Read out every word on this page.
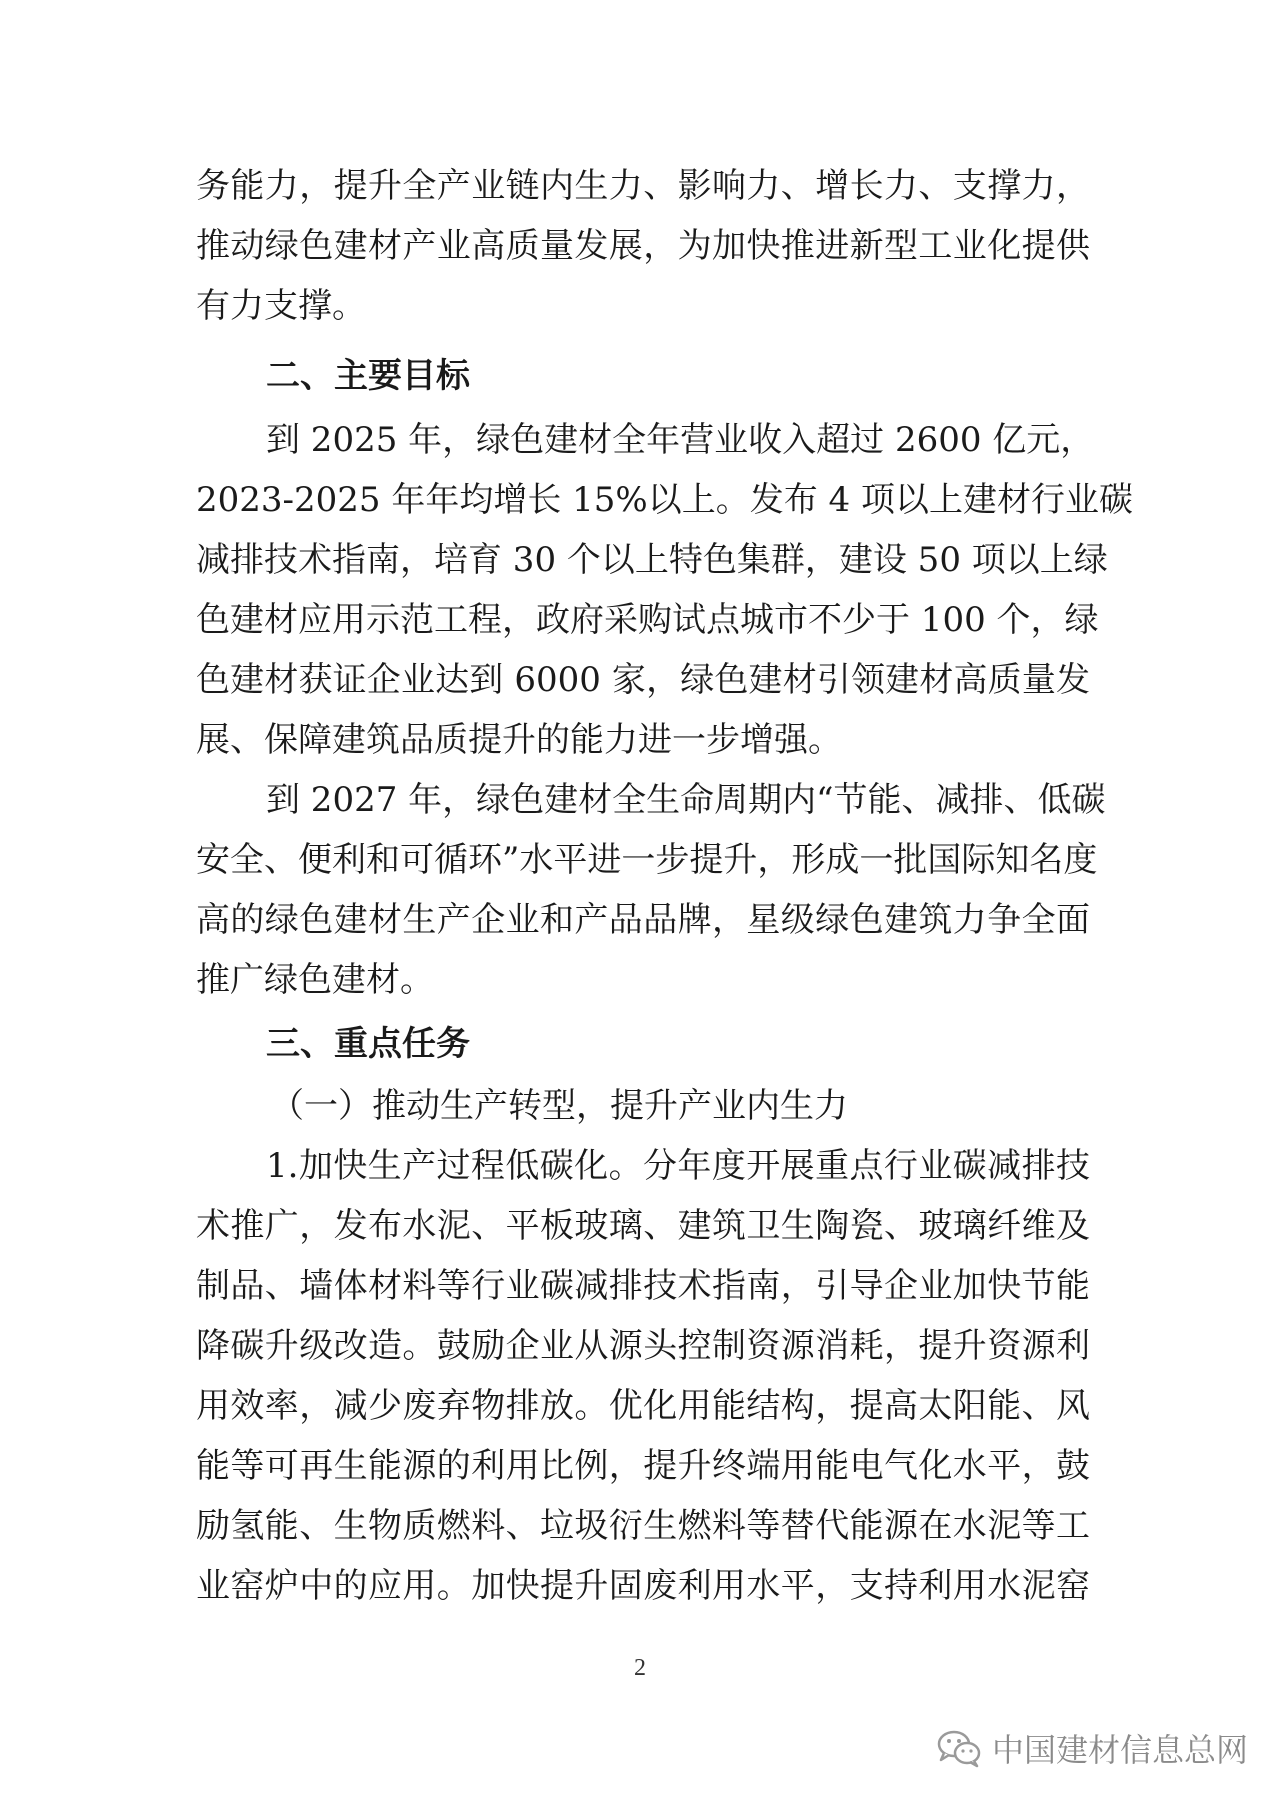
务能力，提升全产业链内生力、影响力、增长力、支撑力，
推动绿色建材产业高质量发展，为加快推进新型工业化提供
有力支撑。
二、主要目标
到 2025 年，绿色建材全年营业收入超过 2600 亿元，
2023-2025 年年均增长 15%以上。发布 4 项以上建材行业碳
减排技术指南，培育 30 个以上特色集群，建设 50 项以上绿
色建材应用示范工程，政府采购试点城市不少于 100 个，绿
色建材获证企业达到 6000 家，绿色建材引领建材高质量发
展、保障建筑品质提升的能力进一步增强。
到 2027 年，绿色建材全生命周期内“节能、减排、低碳
安全、便利和可循环”水平进一步提升，形成一批国际知名度
高的绿色建材生产企业和产品品牌，星级绿色建筑力争全面
推广绿色建材。
三、重点任务
（一）推动生产转型，提升产业内生力
1.加快生产过程低碳化。分年度开展重点行业碳减排技
术推广，发布水泥、平板玻璃、建筑卫生陶瓷、玻璃纤维及
制品、墙体材料等行业碳减排技术指南，引导企业加快节能
降碳升级改造。鼓励企业从源头控制资源消耗，提升资源利
用效率，减少废弃物排放。优化用能结构，提高太阳能、风
能等可再生能源的利用比例，提升终端用能电气化水平，鼓
励氢能、生物质燃料、垃圾衍生燃料等替代能源在水泥等工
业窑炉中的应用。加快提升固废利用水平，支持利用水泥窑
2
中国建材信息总网
